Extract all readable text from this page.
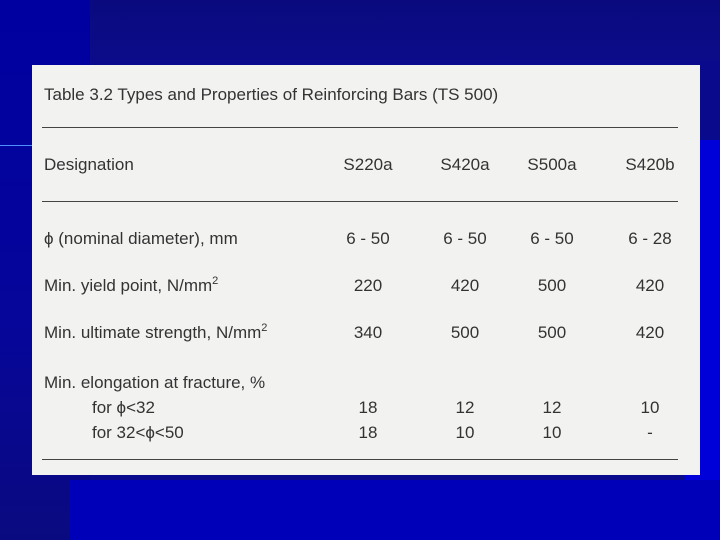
Table 3.2 Types and Properties of Reinforcing Bars (TS 500)
Designation	S220a	S420a	S500a	S420b
ϕ (nominal diameter), mm	6 - 50	6 - 50	6 - 50	6 - 28
Min. yield point, $N/mm^2$	220	420	500	420
Min. ultimate strength, $N/mm^2$	340	500	500	420
Min. elongation at fracture, %
for ϕ<32	18	12	12	10
for 32<ϕ<50	18	10	10	-
